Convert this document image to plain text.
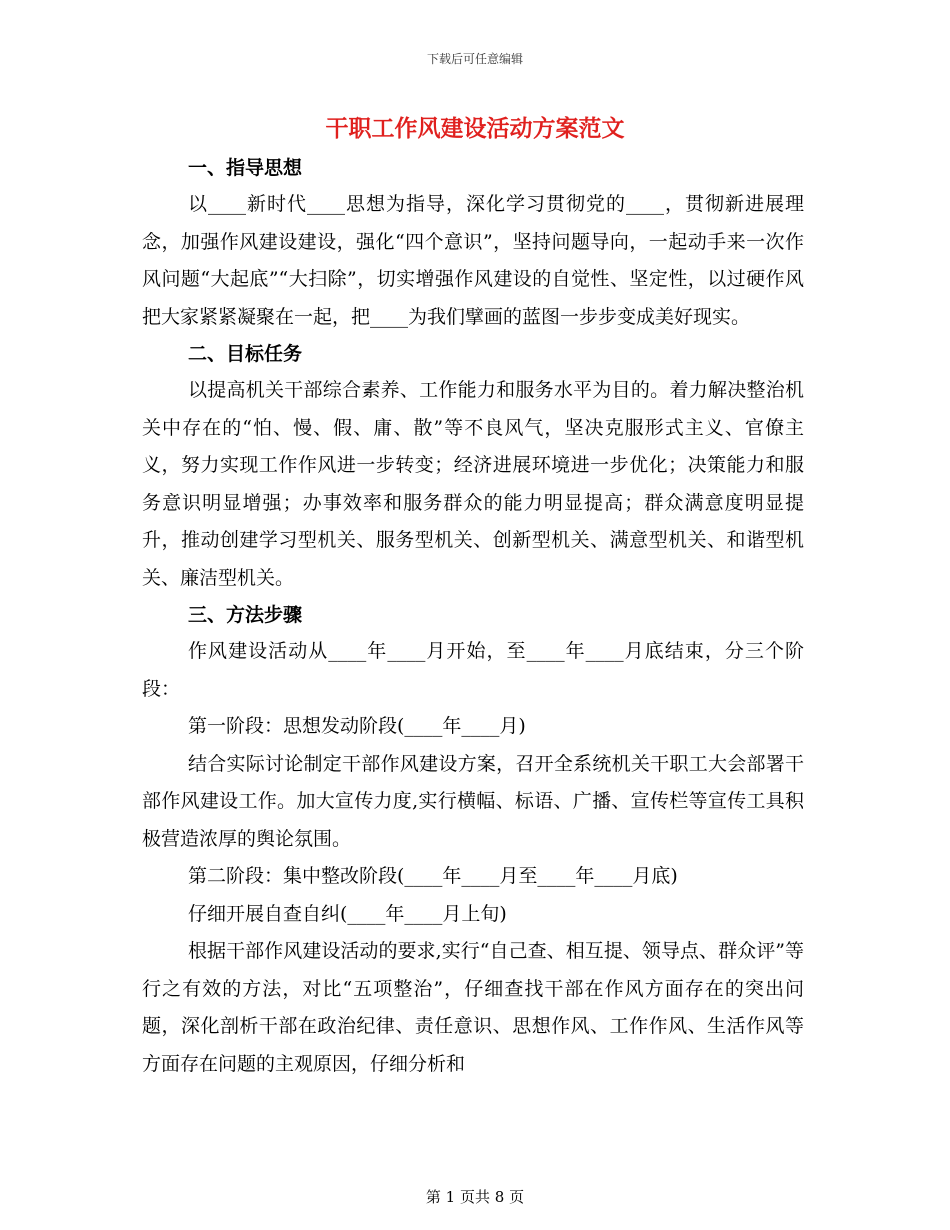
下载后可任意编辑
干职工作风建设活动方案范文

一、指导思想

以____新时代____思想为指导，深化学习贯彻党的____，贯彻新进展理念，加强作风建设建设，强化“四个意识”，坚持问题导向，一起动手来一次作风问题“大起底”“大扫除”，切实增强作风建设的自觉性、坚定性，以过硬作风把大家紧紧凝聚在一起，把____为我们擘画的蓝图一步步变成美好现实。

二、目标任务

以提高机关干部综合素养、工作能力和服务水平为目的。着力解决整治机关中存在的“怕、慢、假、庸、散”等不良风气，坚决克服形式主义、官僚主义，努力实现工作作风进一步转变；经济进展环境进一步优化；决策能力和服务意识明显增强；办事效率和服务群众的能力明显提高；群众满意度明显提升，推动创建学习型机关、服务型机关、创新型机关、满意型机关、和谐型机关、廉洁型机关。

三、方法步骤

作风建设活动从____年____月开始，至____年____月底结束，分三个阶段：

第一阶段：思想发动阶段(____年____月)

结合实际讨论制定干部作风建设方案，召开全系统机关干职工大会部署干部作风建设工作。加大宣传力度,实行横幅、标语、广播、宣传栏等宣传工具积极营造浓厚的舆论氛围。

第二阶段：集中整改阶段(____年____月至____年____月底)

仔细开展自查自纠(____年____月上旬)

根据干部作风建设活动的要求,实行“自己查、相互提、领导点、群众评”等行之有效的方法，对比“五项整治”，仔细查找干部在作风方面存在的突出问题，深化剖析干部在政治纪律、责任意识、思想作风、工作作风、生活作风等方面存在问题的主观原因，仔细分析和

第 1 页共 8 页
